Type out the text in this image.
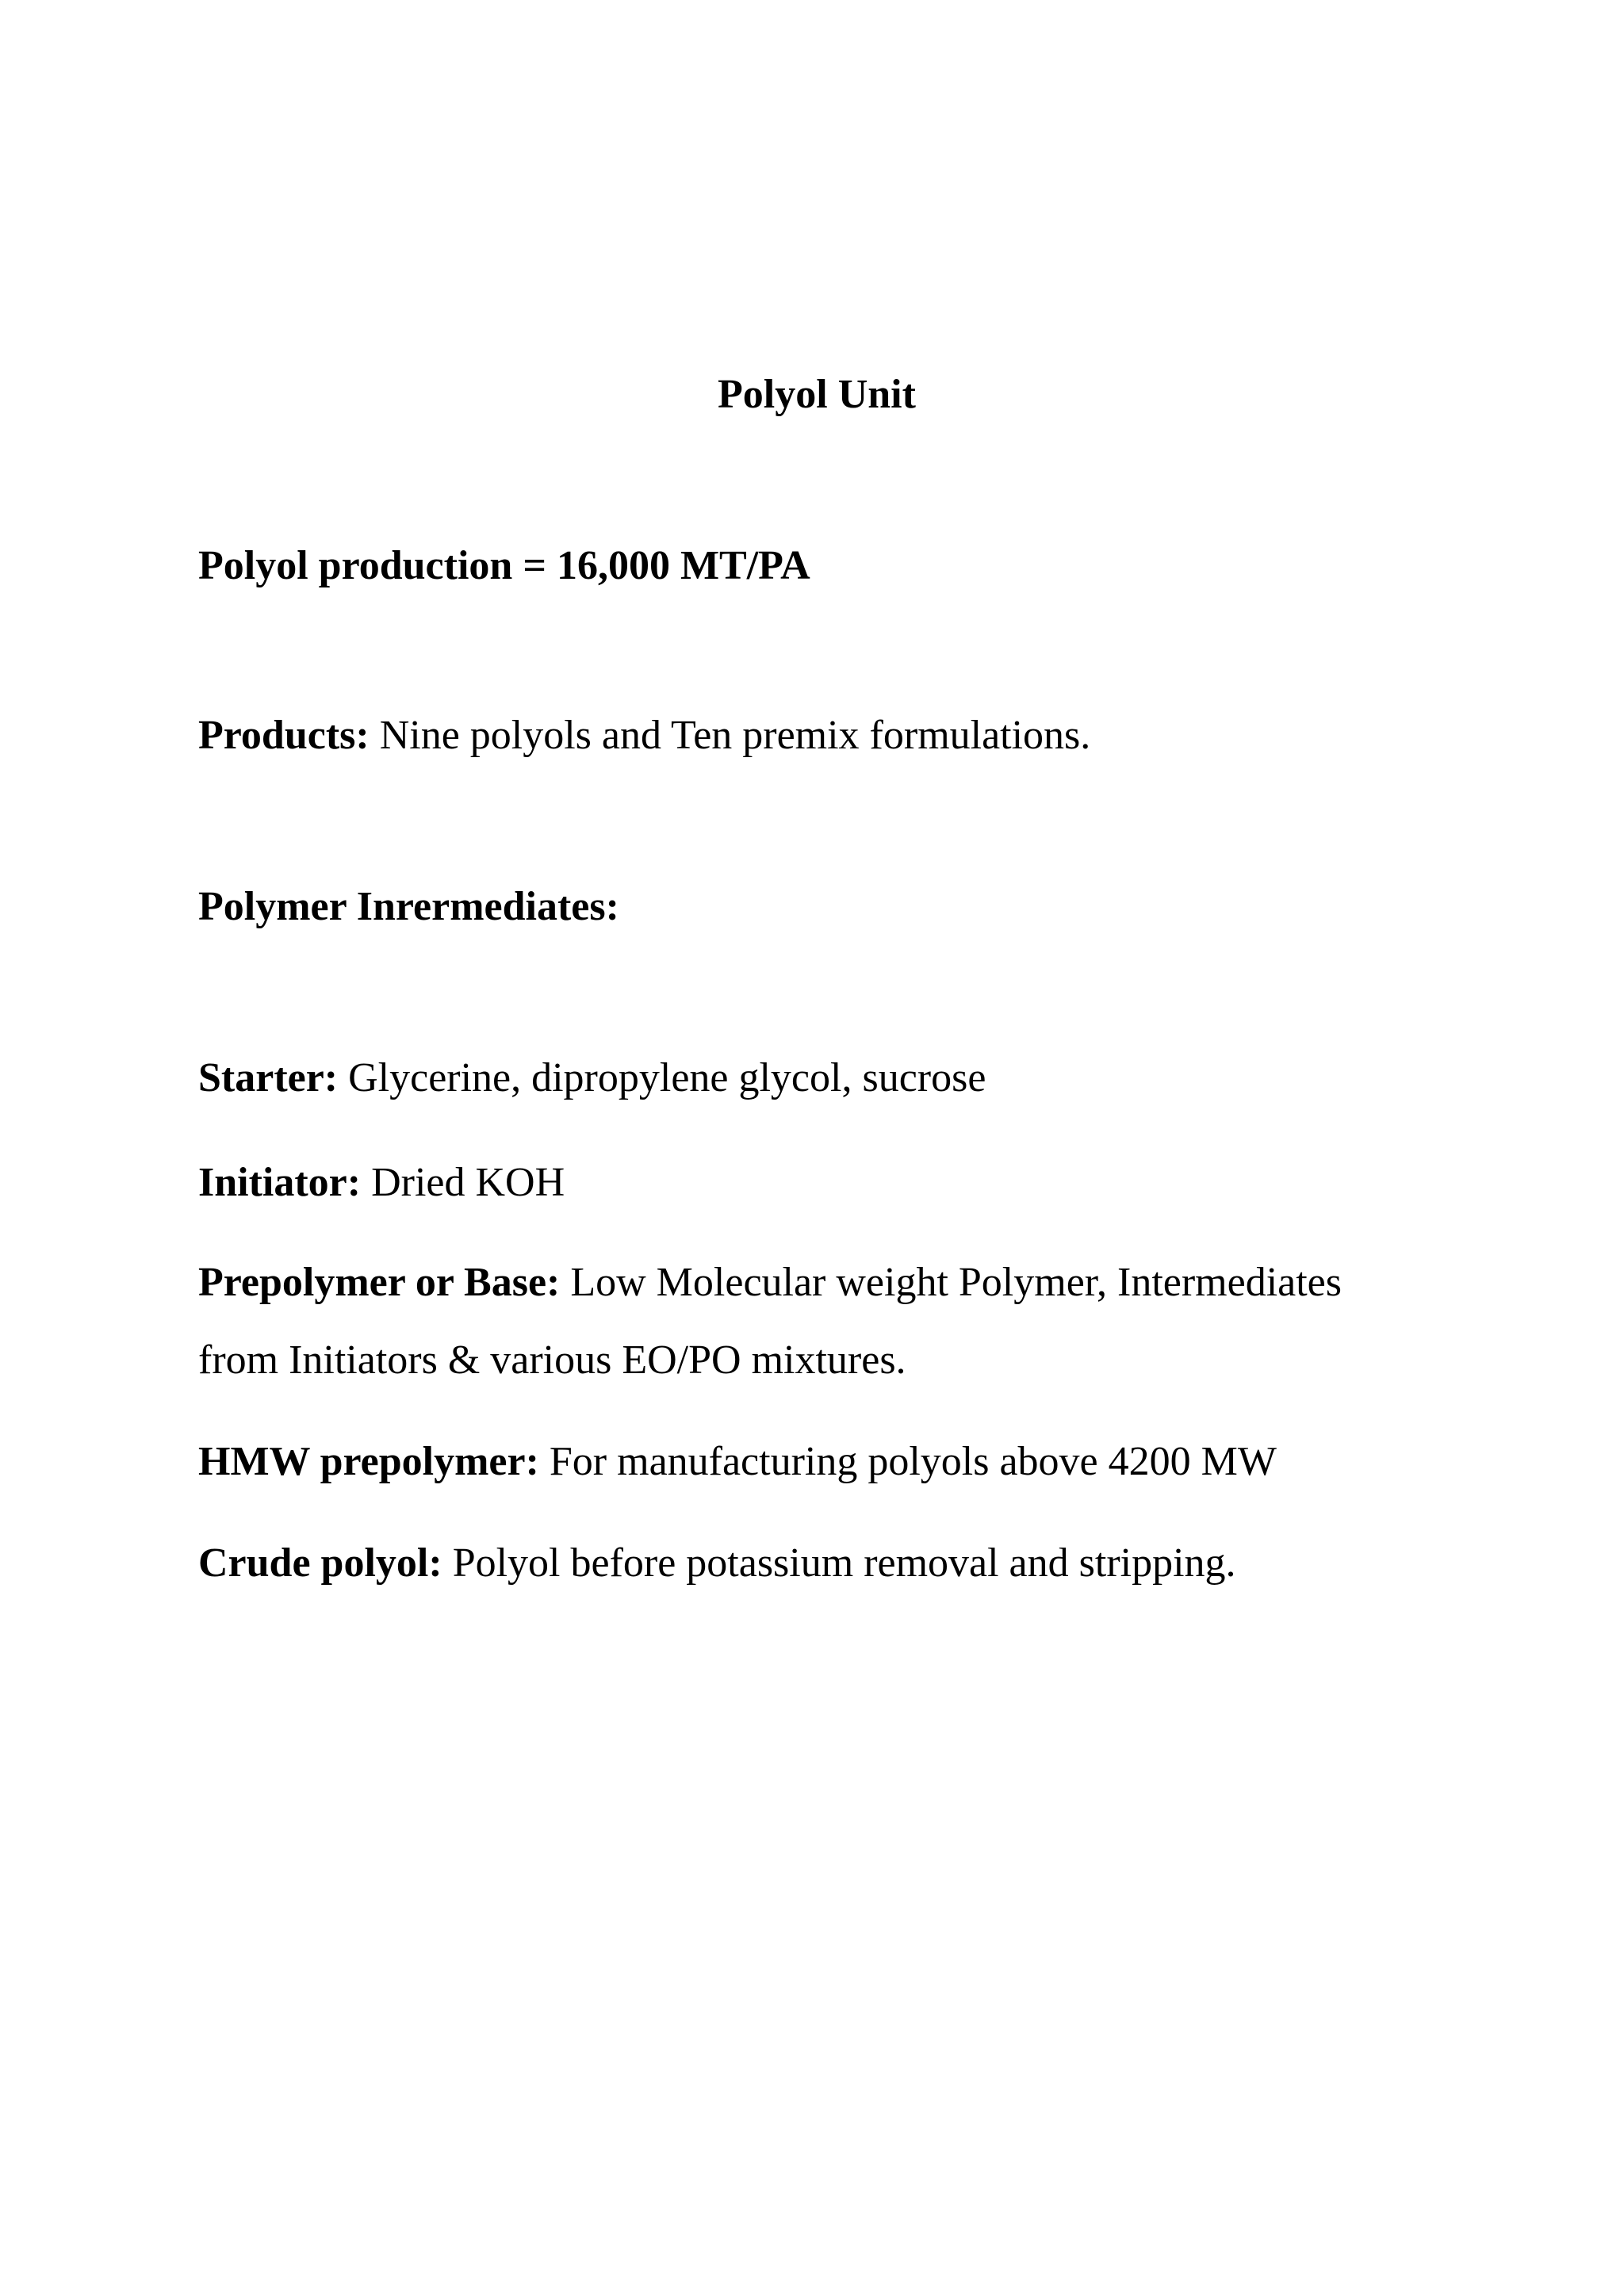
Polyol Unit
Polyol production = 16,000 MT/PA
Products: Nine polyols and Ten premix formulations.
Polymer Inrermediates:
Starter: Glycerine, dipropylene glycol, sucrose
Initiator: Dried KOH
Prepolymer or Base: Low Molecular weight Polymer, Intermediates
from Initiators & various EO/PO mixtures.
HMW prepolymer: For manufacturing polyols above 4200 MW
Crude polyol: Polyol before potassium removal and stripping.
